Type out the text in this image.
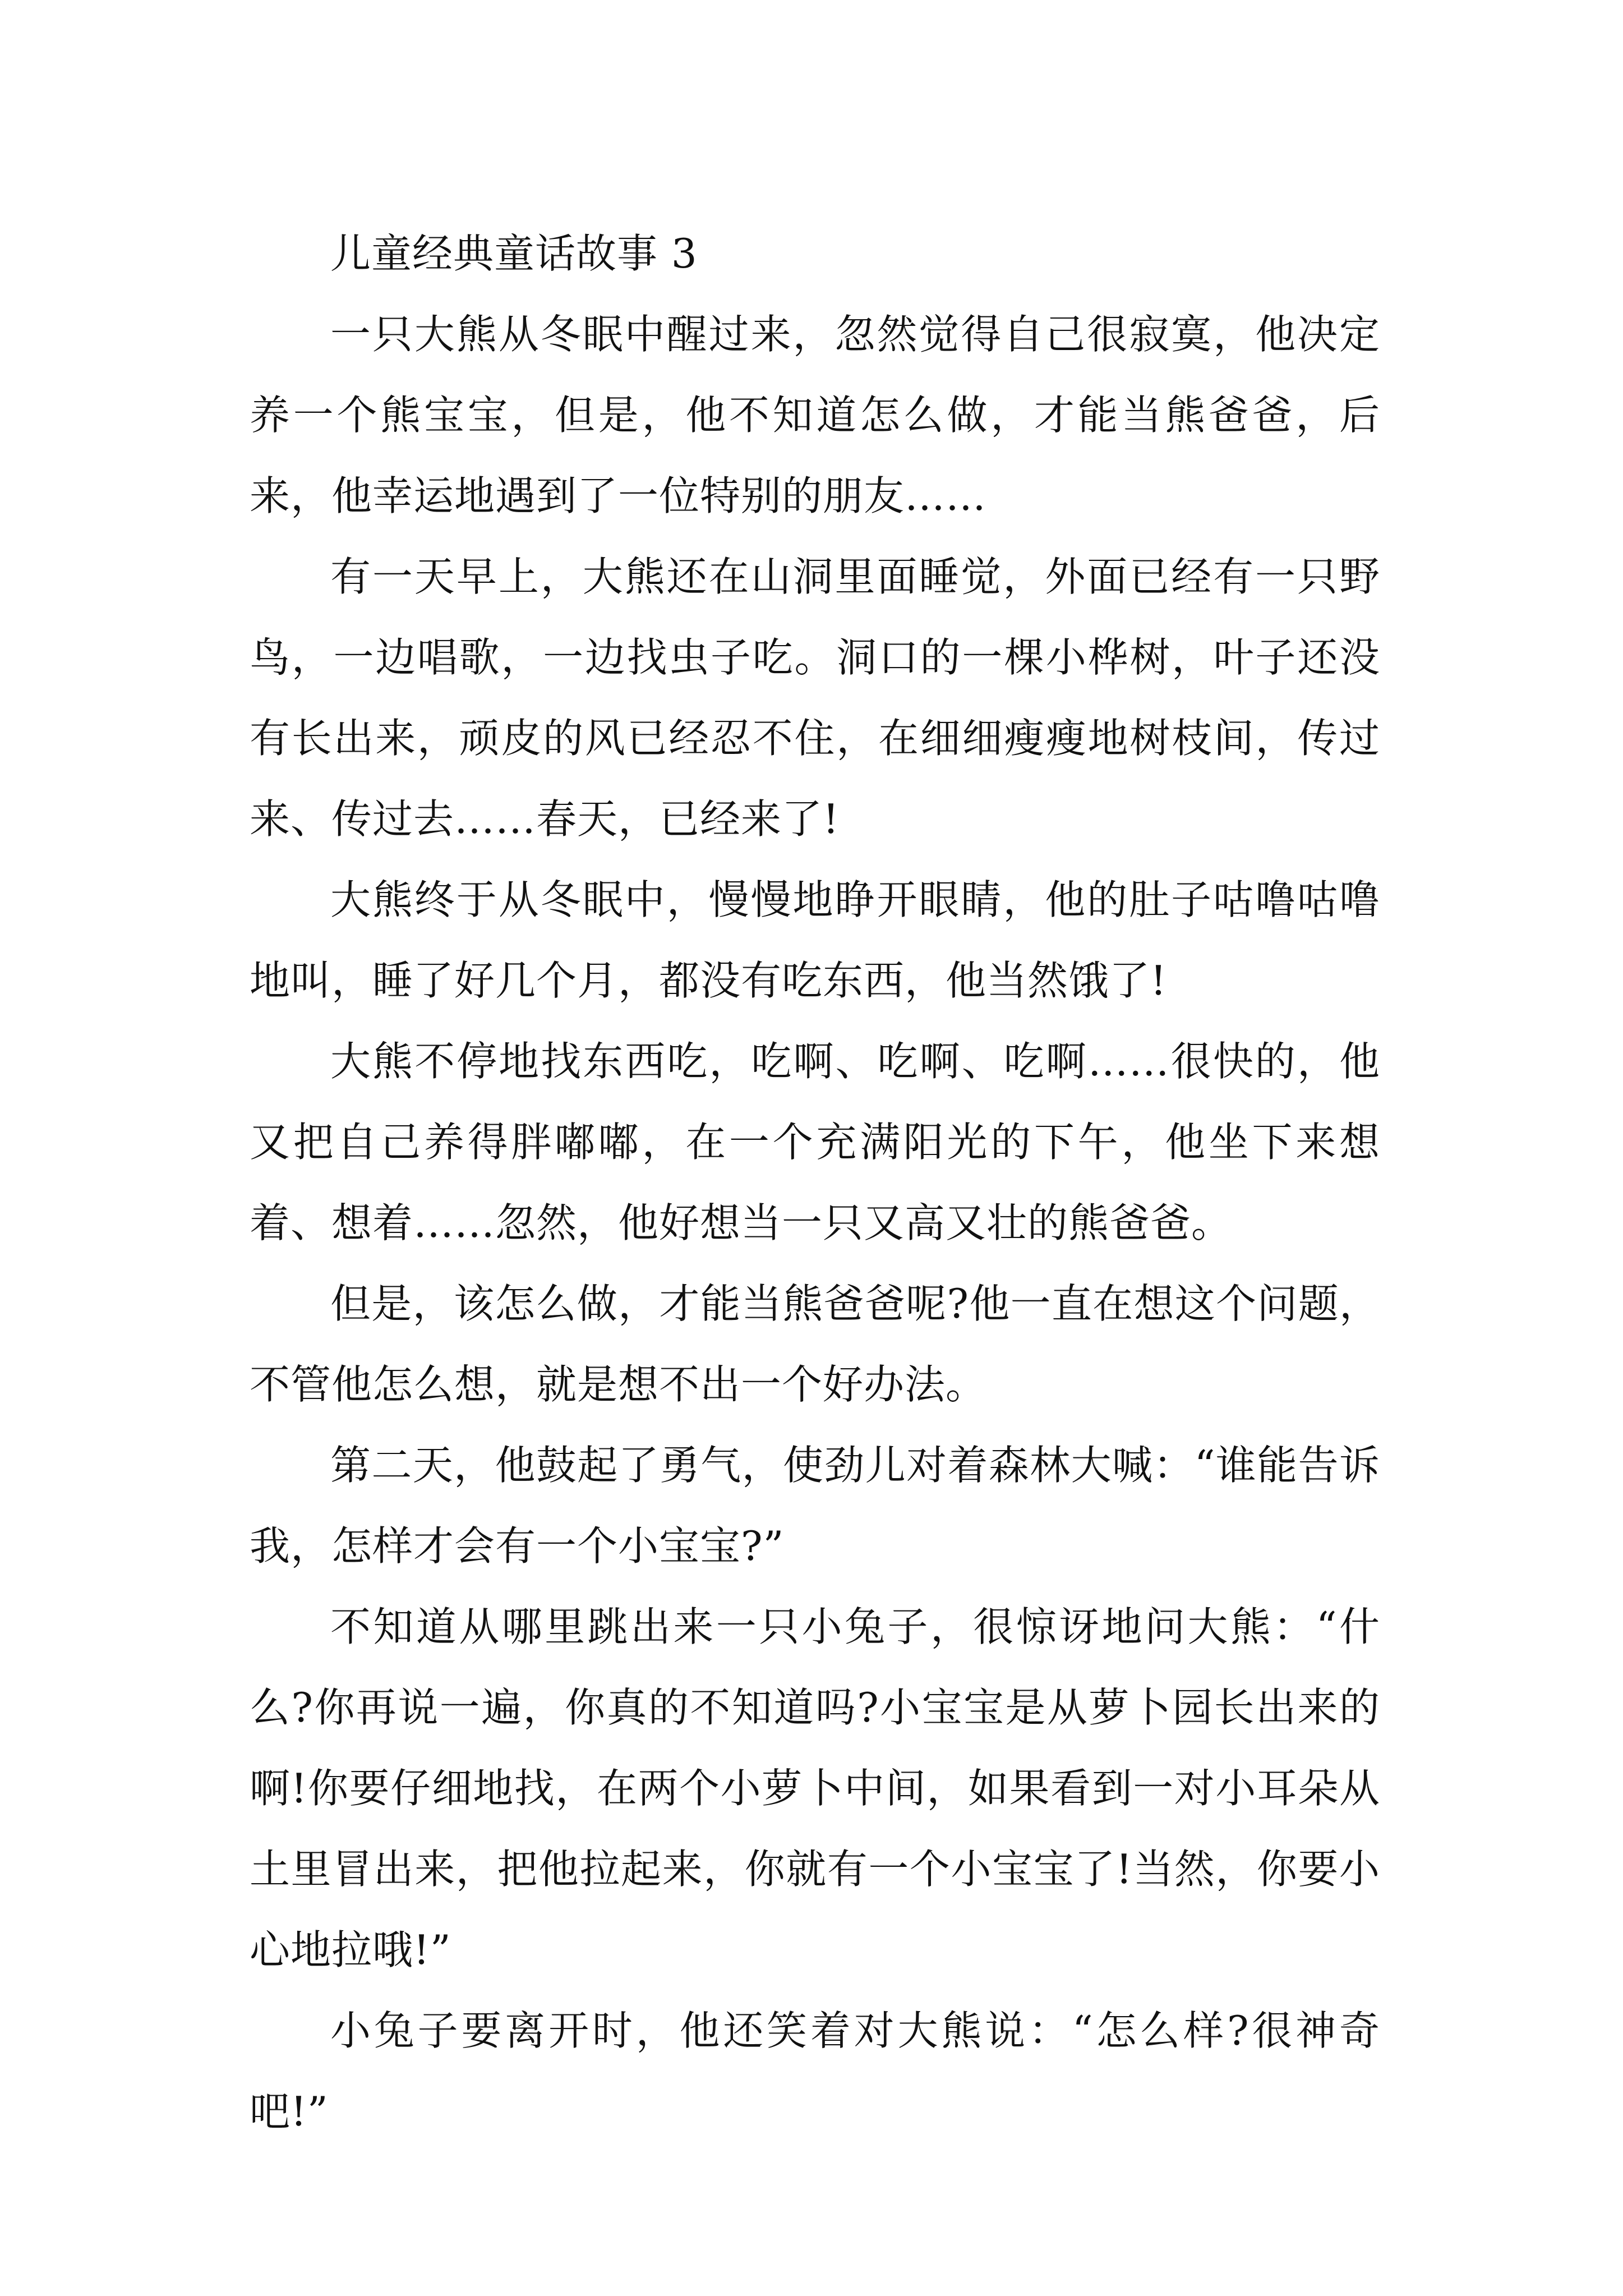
儿童经典童话故事 3

一只大熊从冬眠中醒过来，忽然觉得自己很寂寞，他决定养一个熊宝宝，但是，他不知道怎么做，才能当熊爸爸，后来，他幸运地遇到了一位特别的朋友……

有一天早上，大熊还在山洞里面睡觉，外面已经有一只野鸟，一边唱歌，一边找虫子吃。洞口的一棵小桦树，叶子还没有长出来，顽皮的风已经忍不住，在细细瘦瘦地树枝间，传过来、传过去……春天，已经来了!

大熊终于从冬眠中，慢慢地睁开眼睛，他的肚子咕噜咕噜地叫，睡了好几个月，都没有吃东西，他当然饿了!

大熊不停地找东西吃，吃啊、吃啊、吃啊……很快的，他又把自己养得胖嘟嘟，在一个充满阳光的下午，他坐下来想着、想着……忽然，他好想当一只又高又壮的熊爸爸。

但是，该怎么做，才能当熊爸爸呢?他一直在想这个问题，不管他怎么想，就是想不出一个好办法。

第二天，他鼓起了勇气，使劲儿对着森林大喊：“谁能告诉我，怎样才会有一个小宝宝?”

不知道从哪里跳出来一只小兔子，很惊讶地问大熊：“什么?你再说一遍，你真的不知道吗?小宝宝是从萝卜园长出来的啊!你要仔细地找，在两个小萝卜中间，如果看到一对小耳朵从土里冒出来，把他拉起来，你就有一个小宝宝了!当然，你要小心地拉哦!”

小兔子要离开时，他还笑着对大熊说：“怎么样?很神奇吧!”
